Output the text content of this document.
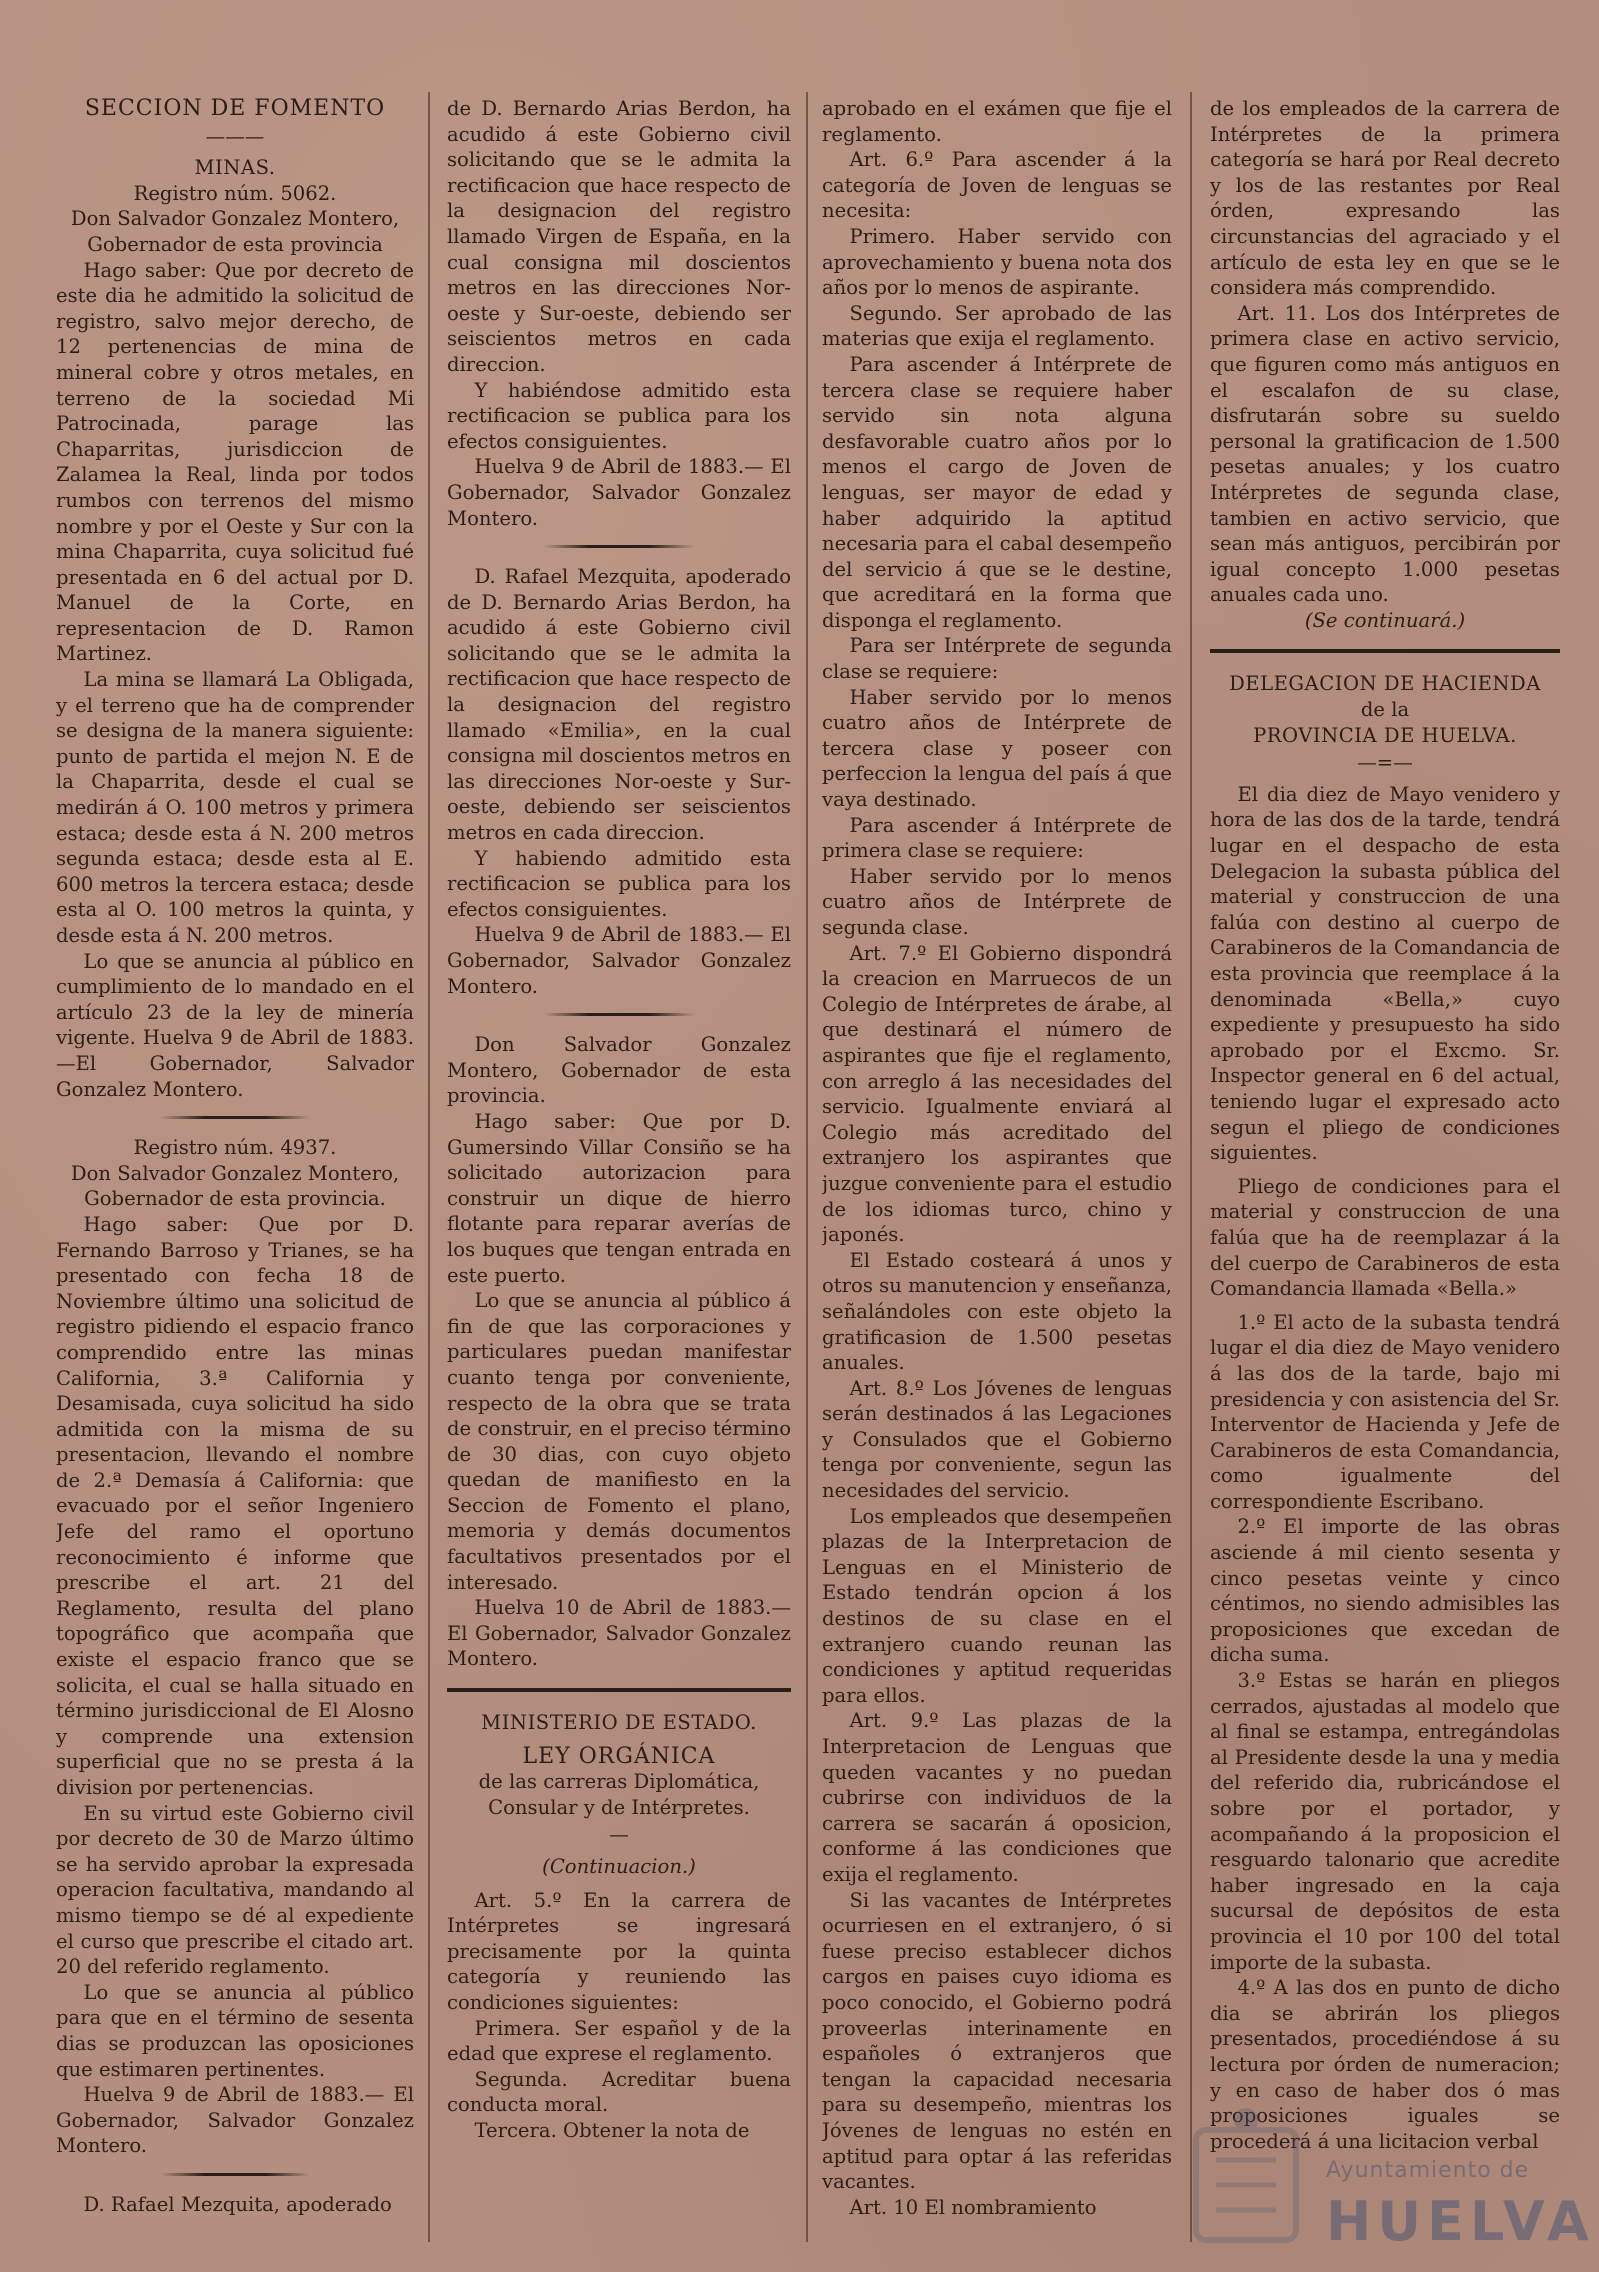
SECCION DE FOMENTO

———

MINAS.

Registro núm. 5062.

Don Salvador Gonzalez Montero, Gobernador de esta provincia

Hago saber: Que por decreto de este dia he admitido la solicitud de registro, salvo mejor derecho, de 12 pertenencias de mina de mineral cobre y otros metales, en terreno de la sociedad Mi Patrocinada, parage las Chaparritas, jurisdiccion de Zalamea la Real, linda por todos rumbos con terrenos del mismo nombre y por el Oeste y Sur con la mina Chaparrita, cuya solicitud fué presentada en 6 del actual por D. Manuel de la Corte, en representacion de D. Ramon Martinez.

La mina se llamará La Obligada, y el terreno que ha de comprender se designa de la manera siguiente: punto de partida el mejon N. E de la Chaparrita, desde el cual se medirán á O. 100 metros y primera estaca; desde esta á N. 200 metros segunda estaca; desde esta al E. 600 metros la tercera estaca; desde esta al O. 100 metros la quinta, y desde esta á N. 200 metros.

Lo que se anuncia al público en cumplimiento de lo mandado en el artículo 23 de la ley de minería vigente. Huelva 9 de Abril de 1883.—El Gobernador, Salvador Gonzalez Montero.

Registro núm. 4937.

Don Salvador Gonzalez Montero, Gobernador de esta provincia.

Hago saber: Que por D. Fernando Barroso y Trianes, se ha presentado con fecha 18 de Noviembre último una solicitud de registro pidiendo el espacio franco comprendido entre las minas California, 3.ª California y Desamisada, cuya solicitud ha sido admitida con la misma de su presentacion, llevando el nombre de 2.ª Demasía á California: que evacuado por el señor Ingeniero Jefe del ramo el oportuno reconocimiento é informe que prescribe el art. 21 del Reglamento, resulta del plano topográfico que acompaña que existe el espacio franco que se solicita, el cual se halla situado en término jurisdiccional de El Alosno y comprende una extension superficial que no se presta á la division por pertenencias.

En su virtud este Gobierno civil por decreto de 30 de Marzo último se ha servido aprobar la expresada operacion facultativa, mandando al mismo tiempo se dé al expediente el curso que prescribe el citado art. 20 del referido reglamento.

Lo que se anuncia al público para que en el término de sesenta dias se produzcan las oposiciones que estimaren pertinentes.

Huelva 9 de Abril de 1883.— El Gobernador, Salvador Gonzalez Montero.

D. Rafael Mezquita, apoderado

de D. Bernardo Arias Berdon, ha acudido á este Gobierno civil solicitando que se le admita la rectificacion que hace respecto de la designacion del registro llamado Virgen de España, en la cual consigna mil doscientos metros en las direcciones Nor-oeste y Sur-oeste, debiendo ser seiscientos metros en cada direccion.

Y habiéndose admitido esta rectificacion se publica para los efectos consiguientes.

Huelva 9 de Abril de 1883.— El Gobernador, Salvador Gonzalez Montero.

D. Rafael Mezquita, apoderado de D. Bernardo Arias Berdon, ha acudido á este Gobierno civil solicitando que se le admita la rectificacion que hace respecto de la designacion del registro llamado «Emilia», en la cual consigna mil doscientos metros en las direcciones Nor-oeste y Sur-oeste, debiendo ser seiscientos metros en cada direccion.

Y habiendo admitido esta rectificacion se publica para los efectos consiguientes.

Huelva 9 de Abril de 1883.— El Gobernador, Salvador Gonzalez Montero.

Don Salvador Gonzalez Montero, Gobernador de esta provincia.

Hago saber: Que por D. Gumersindo Villar Consiño se ha solicitado autorizacion para construir un dique de hierro flotante para reparar averías de los buques que tengan entrada en este puerto.

Lo que se anuncia al público á fin de que las corporaciones y particulares puedan manifestar cuanto tenga por conveniente, respecto de la obra que se trata de construir, en el preciso término de 30 dias, con cuyo objeto quedan de manifiesto en la Seccion de Fomento el plano, memoria y demás documentos facultativos presentados por el interesado.

Huelva 10 de Abril de 1883.— El Gobernador, Salvador Gonzalez Montero.

MINISTERIO DE ESTADO.

LEY ORGÁNICA

de las carreras Diplomática, Consular y de Intérpretes.

—

(Continuacion.)

Art. 5.º En la carrera de Intérpretes se ingresará precisamente por la quinta categoría y reuniendo las condiciones siguientes:

Primera. Ser español y de la edad que exprese el reglamento.

Segunda. Acreditar buena conducta moral.

Tercera. Obtener la nota de

aprobado en el exámen que fije el reglamento.

Art. 6.º Para ascender á la categoría de Joven de lenguas se necesita:

Primero. Haber servido con aprovechamiento y buena nota dos años por lo menos de aspirante.

Segundo. Ser aprobado de las materias que exija el reglamento.

Para ascender á Intérprete de tercera clase se requiere haber servido sin nota alguna desfavorable cuatro años por lo menos el cargo de Joven de lenguas, ser mayor de edad y haber adquirido la aptitud necesaria para el cabal desempeño del servicio á que se le destine, que acreditará en la forma que disponga el reglamento.

Para ser Intérprete de segunda clase se requiere:

Haber servido por lo menos cuatro años de Intérprete de tercera clase y poseer con perfeccion la lengua del país á que vaya destinado.

Para ascender á Intérprete de primera clase se requiere:

Haber servido por lo menos cuatro años de Intérprete de segunda clase.

Art. 7.º El Gobierno dispondrá la creacion en Marruecos de un Colegio de Intérpretes de árabe, al que destinará el número de aspirantes que fije el reglamento, con arreglo á las necesidades del servicio. Igualmente enviará al Colegio más acreditado del extranjero los aspirantes que juzgue conveniente para el estudio de los idiomas turco, chino y japonés.

El Estado costeará á unos y otros su manutencion y enseñanza, señalándoles con este objeto la gratificasion de 1.500 pesetas anuales.

Art. 8.º Los Jóvenes de lenguas serán destinados á las Legaciones y Consulados que el Gobierno tenga por conveniente, segun las necesidades del servicio.

Los empleados que desempeñen plazas de la Interpretacion de Lenguas en el Ministerio de Estado tendrán opcion á los destinos de su clase en el extranjero cuando reunan las condiciones y aptitud requeridas para ellos.

Art. 9.º Las plazas de la Interpretacion de Lenguas que queden vacantes y no puedan cubrirse con individuos de la carrera se sacarán á oposicion, conforme á las condiciones que exija el reglamento.

Si las vacantes de Intérpretes ocurriesen en el extranjero, ó si fuese preciso establecer dichos cargos en paises cuyo idioma es poco conocido, el Gobierno podrá proveerlas interinamente en españoles ó extranjeros que tengan la capacidad necesaria para su desempeño, mientras los Jóvenes de lenguas no estén en aptitud para optar á las referidas vacantes.

Art. 10 El nombramiento

de los empleados de la carrera de Intérpretes de la primera categoría se hará por Real decreto y los de las restantes por Real órden, expresando las circunstancias del agraciado y el artículo de esta ley en que se le considera más comprendido.

Art. 11. Los dos Intérpretes de primera clase en activo servicio, que figuren como más antiguos en el escalafon de su clase, disfrutarán sobre su sueldo personal la gratificacion de 1.500 pesetas anuales; y los cuatro Intérpretes de segunda clase, tambien en activo servicio, que sean más antiguos, percibirán por igual concepto 1.000 pesetas anuales cada uno.

(Se continuará.)

DELEGACION DE HACIENDA

de la

PROVINCIA DE HUELVA.

—=—

El dia diez de Mayo venidero y hora de las dos de la tarde, tendrá lugar en el despacho de esta Delegacion la subasta pública del material y construccion de una falúa con destino al cuerpo de Carabineros de la Comandancia de esta provincia que reemplace á la denominada «Bella,» cuyo expediente y presupuesto ha sido aprobado por el Excmo. Sr. Inspector general en 6 del actual, teniendo lugar el expresado acto segun el pliego de condiciones siguientes.

Pliego de condiciones para el material y construccion de una falúa que ha de reemplazar á la del cuerpo de Carabineros de esta Comandancia llamada «Bella.»

1.º El acto de la subasta tendrá lugar el dia diez de Mayo venidero á las dos de la tarde, bajo mi presidencia y con asistencia del Sr. Interventor de Hacienda y Jefe de Carabineros de esta Comandancia, como igualmente del correspondiente Escribano.

2.º El importe de las obras asciende á mil ciento sesenta y cinco pesetas veinte y cinco céntimos, no siendo admisibles las proposiciones que excedan de dicha suma.

3.º Estas se harán en pliegos cerrados, ajustadas al modelo que al final se estampa, entregándolas al Presidente desde la una y media del referido dia, rubricándose el sobre por el portador, y acompañando á la proposicion el resguardo talonario que acredite haber ingresado en la caja sucursal de depósitos de esta provincia el 10 por 100 del total importe de la subasta.

4.º A las dos en punto de dicho dia se abrirán los pliegos presentados, procediéndose á su lectura por órden de numeracion; y en caso de haber dos ó mas proposiciones iguales se procederá á una licitacion verbal

Ayuntamiento de
HUELVA
